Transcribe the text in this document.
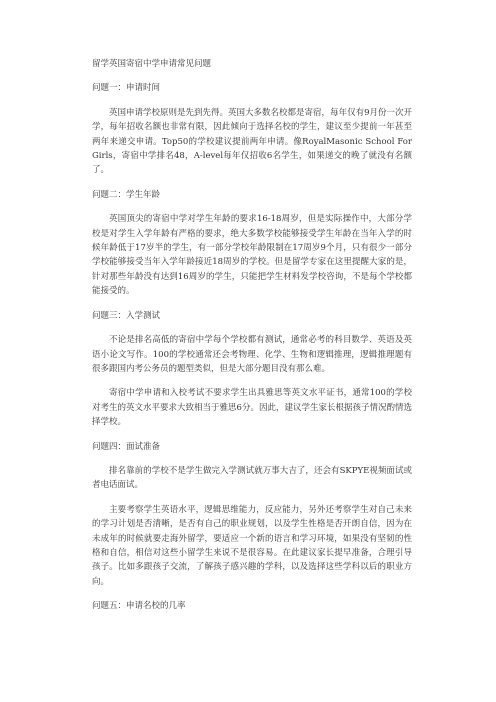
留学英国寄宿中学申请常见问题

问题一：申请时间

英国申请学校原则是先到先得。英国大多数名校都是寄宿，每年仅有9月份一次开学，每年招收名额也非常有限，因此倾向于选择名校的学生，建议至少提前一年甚至两年来递交申请。Top50的学校建议提前两年申请。像RoyalMasonic School For Girls，寄宿中学排名48，A-level每年仅招收6名学生，如果递交的晚了就没有名额了。

问题二：学生年龄

英国顶尖的寄宿中学对学生年龄的要求16-18周岁，但是实际操作中，大部分学校是对学生入学年龄有严格的要求，绝大多数学校能够接受学生年龄在当年入学的时候年龄低于17岁半的学生，有一部分学校年龄限制在17周岁9个月，只有很少一部分学校能够接受当年入学年龄接近18周岁的学校。但是留学专家在这里提醒大家的是，针对那些年龄没有达到16周岁的学生，只能把学生材料发学校咨询，不是每个学校都能接受的。

问题三：入学测试

不论是排名高低的寄宿中学每个学校都有测试，通常必考的科目数学、英语及英语小论文写作。100的学校通常还会考物理、化学、生物和逻辑推理，逻辑推理题有很多跟国内考公务员的题型类似，但是大部分题目没有那么难。

寄宿中学申请和入校考试不要求学生出具雅思等英文水平证书，通常100的学校对考生的英文水平要求大致相当于雅思6分。因此，建议学生家长根据孩子情况酌情选择学校。

问题四：面试准备

排名靠前的学校不是学生做完入学测试就万事大吉了，还会有SKPYE视频面试或者电话面试。

主要考察学生英语水平，逻辑思维能力，反应能力，另外还考察学生对自己未来的学习计划是否清晰，是否有自己的职业规划，以及学生性格是否开朗自信，因为在未成年的时候就要走海外留学，要适应一个新的语言和学习环境，如果没有坚韧的性格和自信，相信对这些小留学生来说不是很容易。在此建议家长提早准备，合理引导孩子。比如多跟孩子交流，了解孩子感兴趣的学科，以及选择这些学科以后的职业方向。

问题五：申请名校的几率
